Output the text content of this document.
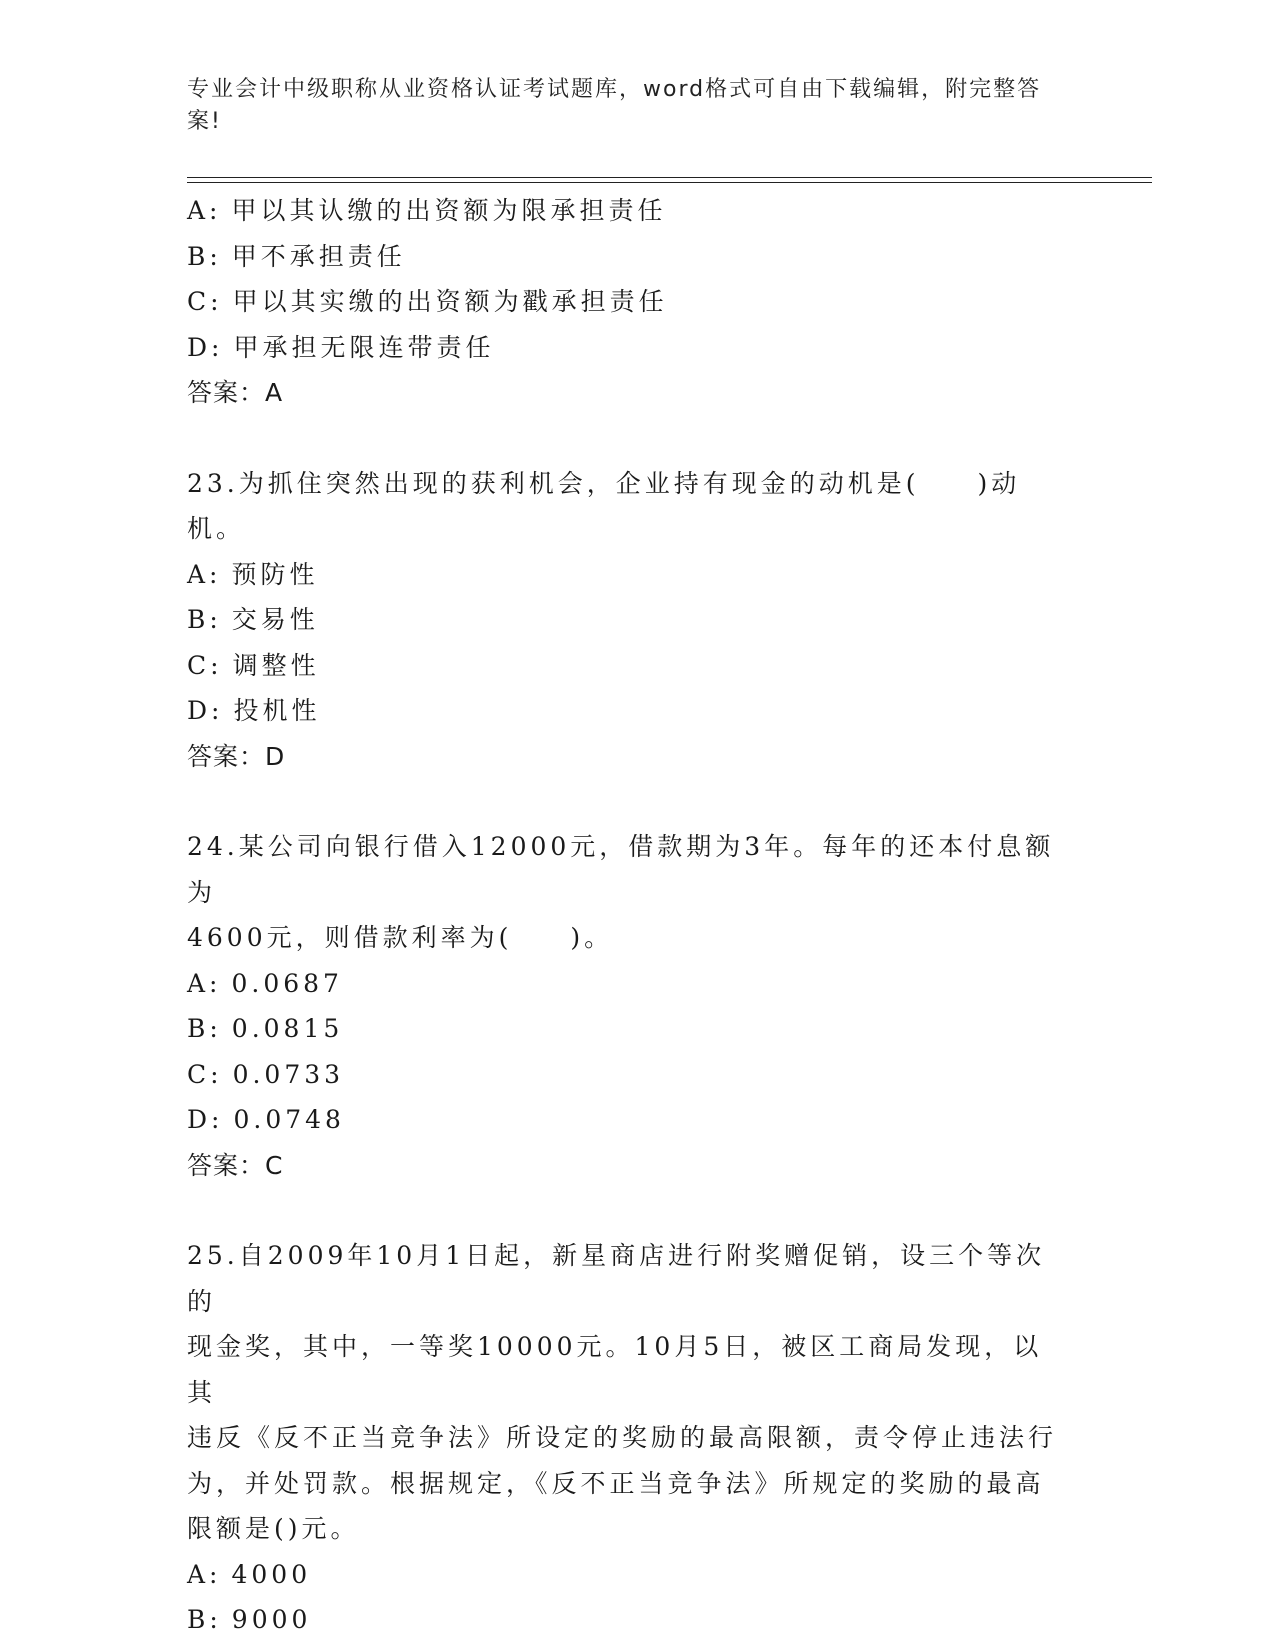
专业会计中级职称从业资格认证考试题库，word格式可自由下载编辑，附完整答
案!
A: 甲以其认缴的出资额为限承担责任
B: 甲不承担责任
C: 甲以其实缴的出资额为戳承担责任
D: 甲承担无限连带责任
答案：A
23.为抓住突然出现的获利机会，企业持有现金的动机是(　　)动机。
A: 预防性
B: 交易性
C: 调整性
D: 投机性
答案：D
24.某公司向银行借入12000元，借款期为3年。每年的还本付息额为
4600元，则借款利率为(　　)。
A: 0.0687
B: 0.0815
C: 0.0733
D: 0.0748
答案：C
25.自2009年10月1日起，新星商店进行附奖赠促销，设三个等次的
现金奖，其中，一等奖10000元。10月5日，被区工商局发现，以其
违反《反不正当竞争法》所设定的奖励的最高限额，责令停止违法行
为，并处罚款。根据规定，《反不正当竞争法》所规定的奖励的最高
限额是()元。
A: 4000
B: 9000
